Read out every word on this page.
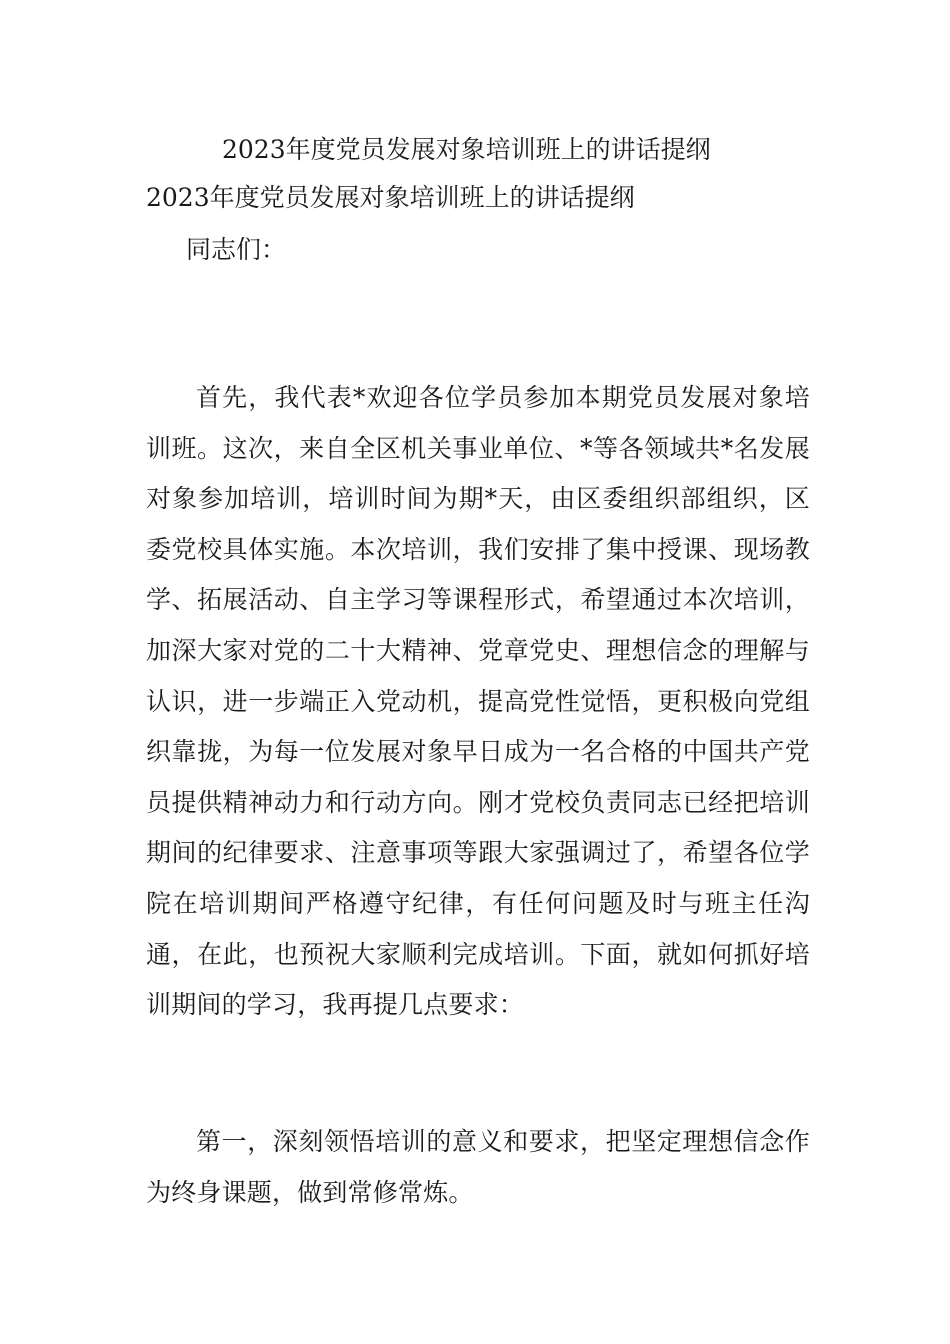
2023年度党员发展对象培训班上的讲话提纲
2023年度党员发展对象培训班上的讲话提纲
同志们：
首先，我代表*欢迎各位学员参加本期党员发展对象培训班。这次，来自全区机关事业单位、*等各领域共*名发展对象参加培训，培训时间为期*天，由区委组织部组织，区委党校具体实施。本次培训，我们安排了集中授课、现场教学、拓展活动、自主学习等课程形式，希望通过本次培训，加深大家对党的二十大精神、党章党史、理想信念的理解与认识，进一步端正入党动机，提高党性觉悟，更积极向党组织靠拢，为每一位发展对象早日成为一名合格的中国共产党员提供精神动力和行动方向。刚才党校负责同志已经把培训期间的纪律要求、注意事项等跟大家强调过了，希望各位学院在培训期间严格遵守纪律，有任何问题及时与班主任沟通，在此，也预祝大家顺利完成培训。下面，就如何抓好培训期间的学习，我再提几点要求：
第一，深刻领悟培训的意义和要求，把坚定理想信念作为终身课题，做到常修常炼。
